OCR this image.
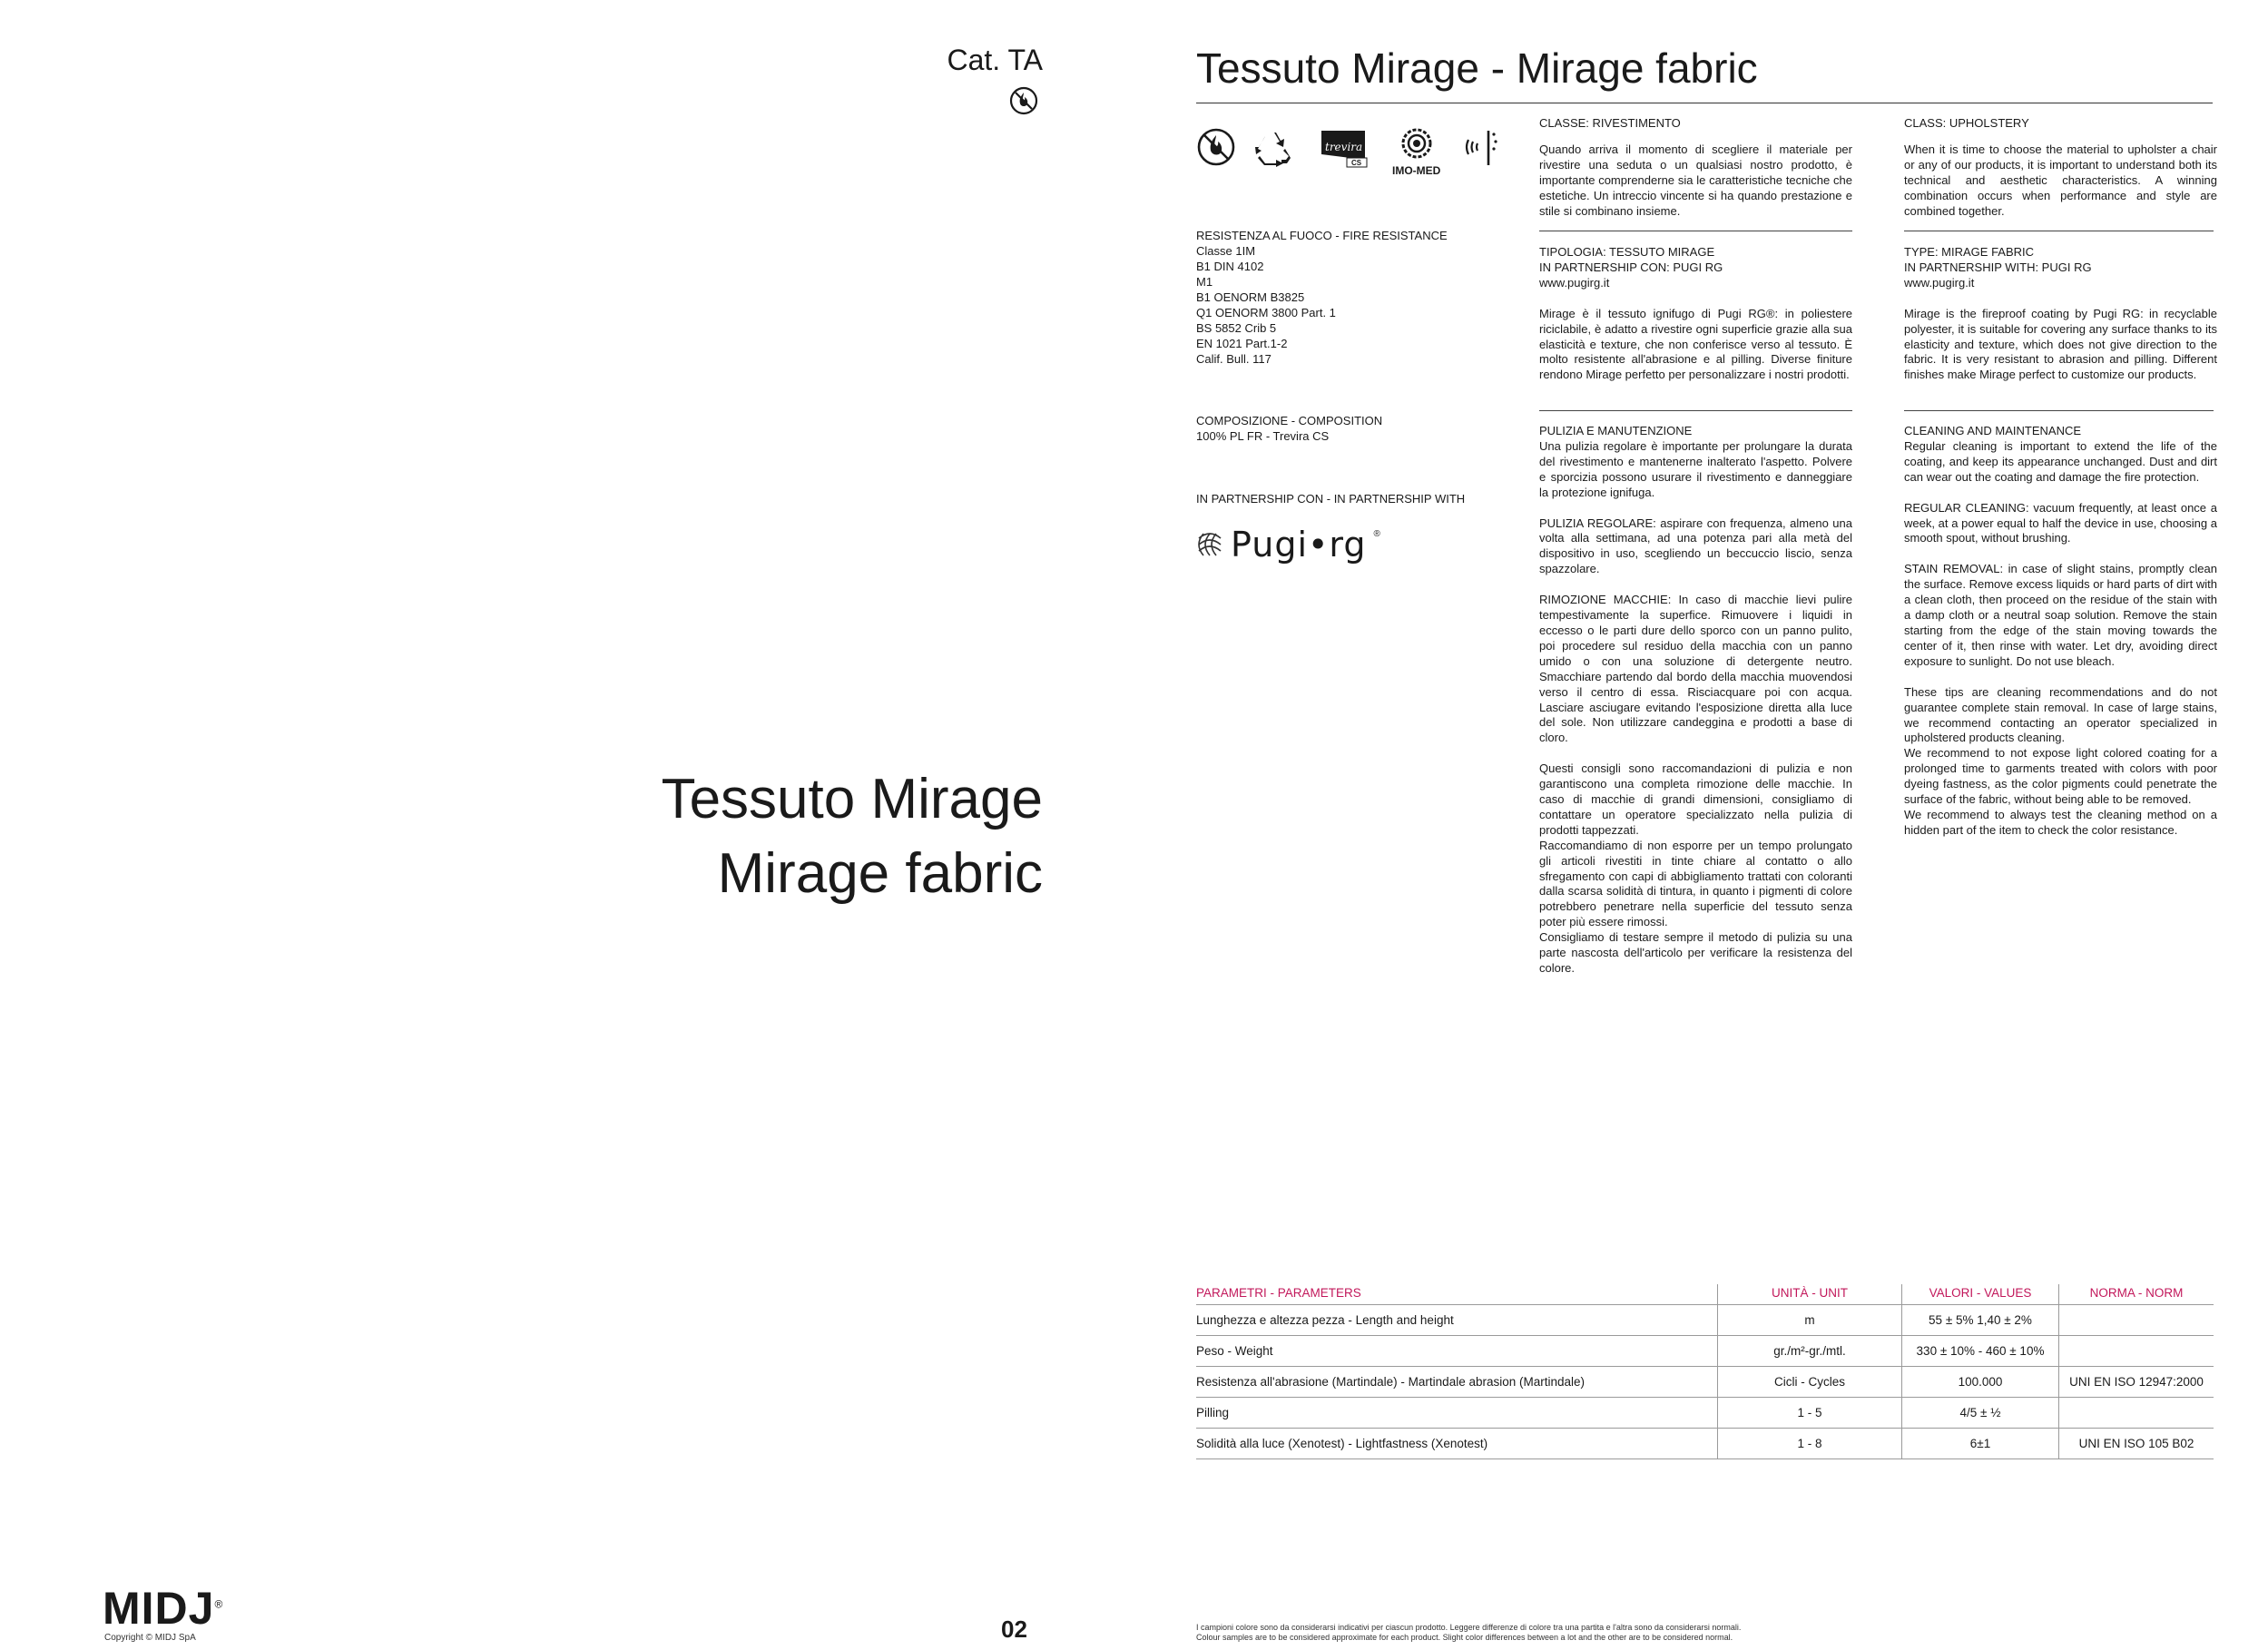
Cat. TA
Tessuto Mirage
Mirage fabric
MIDJ®
Copyright © MIDJ SpA	02
Tessuto Mirage - Mirage fabric
trevira
CS
IMO-MED
RESISTENZA AL FUOCO - FIRE RESISTANCE
Classe 1IM
B1 DIN 4102
M1
B1 OENORM B3825
Q1 OENORM 3800 Part. 1
BS 5852 Crib 5
EN 1021 Part.1-2
Calif. Bull. 117
COMPOSIZIONE - COMPOSITION
100% PL FR - Trevira CS
IN PARTNERSHIP CON - IN PARTNERSHIP WITH
Pugi•rg ®

CLASSE: RIVESTIMENTO

Quando arriva il momento di scegliere il materiale per rivestire una seduta o un qualsiasi nostro prodotto, è importante comprenderne sia le caratteristiche tecniche che estetiche. Un intreccio vincente si ha quando prestazione e stile si combinano insieme.

TIPOLOGIA: TESSUTO MIRAGE

IN PARTNERSHIP CON: PUGI RG

www.pugirg.it

Mirage è il tessuto ignifugo di Pugi RG®: in poliestere riciclabile, è adatto a rivestire ogni superficie grazie alla sua elasticità e texture, che non conferisce verso al tessuto. È molto resistente all'abrasione e al pilling. Diverse finiture rendono Mirage perfetto per personalizzare i nostri prodotti.

PULIZIA E MANUTENZIONE

Una pulizia regolare è importante per prolungare la durata del rivestimento e mantenerne inalterato l'aspetto. Polvere e sporcizia possono usurare il rivestimento e danneggiare la protezione ignifuga.

PULIZIA REGOLARE: aspirare con frequenza, almeno una volta alla settimana, ad una potenza pari alla metà del dispositivo in uso, scegliendo un beccuccio liscio, senza spazzolare.

RIMOZIONE MACCHIE: In caso di macchie lievi pulire tempestivamente la superfice. Rimuovere i liquidi in eccesso o le parti dure dello sporco con un panno pulito, poi procedere sul residuo della macchia con un panno umido o con una soluzione di detergente neutro. Smacchiare partendo dal bordo della macchia muovendosi verso il centro di essa. Risciacquare poi con acqua. Lasciare asciugare evitando l'esposizione diretta alla luce del sole. Non utilizzare candeggina e prodotti a base di cloro.

Questi consigli sono raccomandazioni di pulizia e non garantiscono una completa rimozione delle macchie. In caso di macchie di grandi dimensioni, consigliamo di contattare un operatore specializzato nella pulizia di prodotti tappezzati.

Raccomandiamo di non esporre per un tempo prolungato gli articoli rivestiti in tinte chiare al contatto o allo sfregamento con capi di abbigliamento trattati con coloranti dalla scarsa solidità di tintura, in quanto i pigmenti di colore potrebbero penetrare nella superficie del tessuto senza poter più essere rimossi.

Consigliamo di testare sempre il metodo di pulizia su una parte nascosta dell'articolo per verificare la resistenza del colore.

CLASS: UPHOLSTERY

When it is time to choose the material to upholster a chair or any of our products, it is important to understand both its technical and aesthetic characteristics. A winning combination occurs when performance and style are combined together.

TYPE: MIRAGE FABRIC

IN PARTNERSHIP WITH: PUGI RG

www.pugirg.it

Mirage is the fireproof coating by Pugi RG: in recyclable polyester, it is suitable for covering any surface thanks to its elasticity and texture, which does not give direction to the fabric. It is very resistant to abrasion and pilling. Different finishes make Mirage perfect to customize our products.

CLEANING AND MAINTENANCE

Regular cleaning is important to extend the life of the coating, and keep its appearance unchanged. Dust and dirt can wear out the coating and damage the fire protection.

REGULAR CLEANING: vacuum frequently, at least once a week, at a power equal to half the device in use, choosing a smooth spout, without brushing.

STAIN REMOVAL: in case of slight stains, promptly clean the surface. Remove excess liquids or hard parts of dirt with a clean cloth, then proceed on the residue of the stain with a damp cloth or a neutral soap solution. Remove the stain starting from the edge of the stain moving towards the center of it, then rinse with water. Let dry, avoiding direct exposure to sunlight. Do not use bleach.

These tips are cleaning recommendations and do not guarantee complete stain removal. In case of large stains, we recommend contacting an operator specialized in upholstered products cleaning.

We recommend to not expose light colored coating for a prolonged time to garments treated with colors with poor dyeing fastness, as the color pigments could penetrate the surface of the fabric, without being able to be removed.

We recommend to always test the cleaning method on a hidden part of the item to check the color resistance.

PARAMETRI - PARAMETERS	UNITÀ - UNIT	VALORI - VALUES	NORMA - NORM
Lunghezza e altezza pezza - Length and height	m	55 ± 5% 1,40 ± 2%	
Peso - Weight	gr./m²-gr./mtl.	330 ± 10% - 460 ± 10%	
Resistenza all'abrasione (Martindale) - Martindale abrasion (Martindale)	Cicli - Cycles	100.000	UNI EN ISO 12947:2000
Pilling	1 - 5	4/5 ± ½	
Solidità alla luce (Xenotest) - Lightfastness (Xenotest)	1 - 8	6±1	UNI EN ISO 105 B02
I campioni colore sono da considerarsi indicativi per ciascun prodotto. Leggere differenze di colore tra una partita e l'altra sono da considerarsi normali.
Colour samples are to be considered approximate for each product. Slight color differences between a lot and the other are to be considered normal.
